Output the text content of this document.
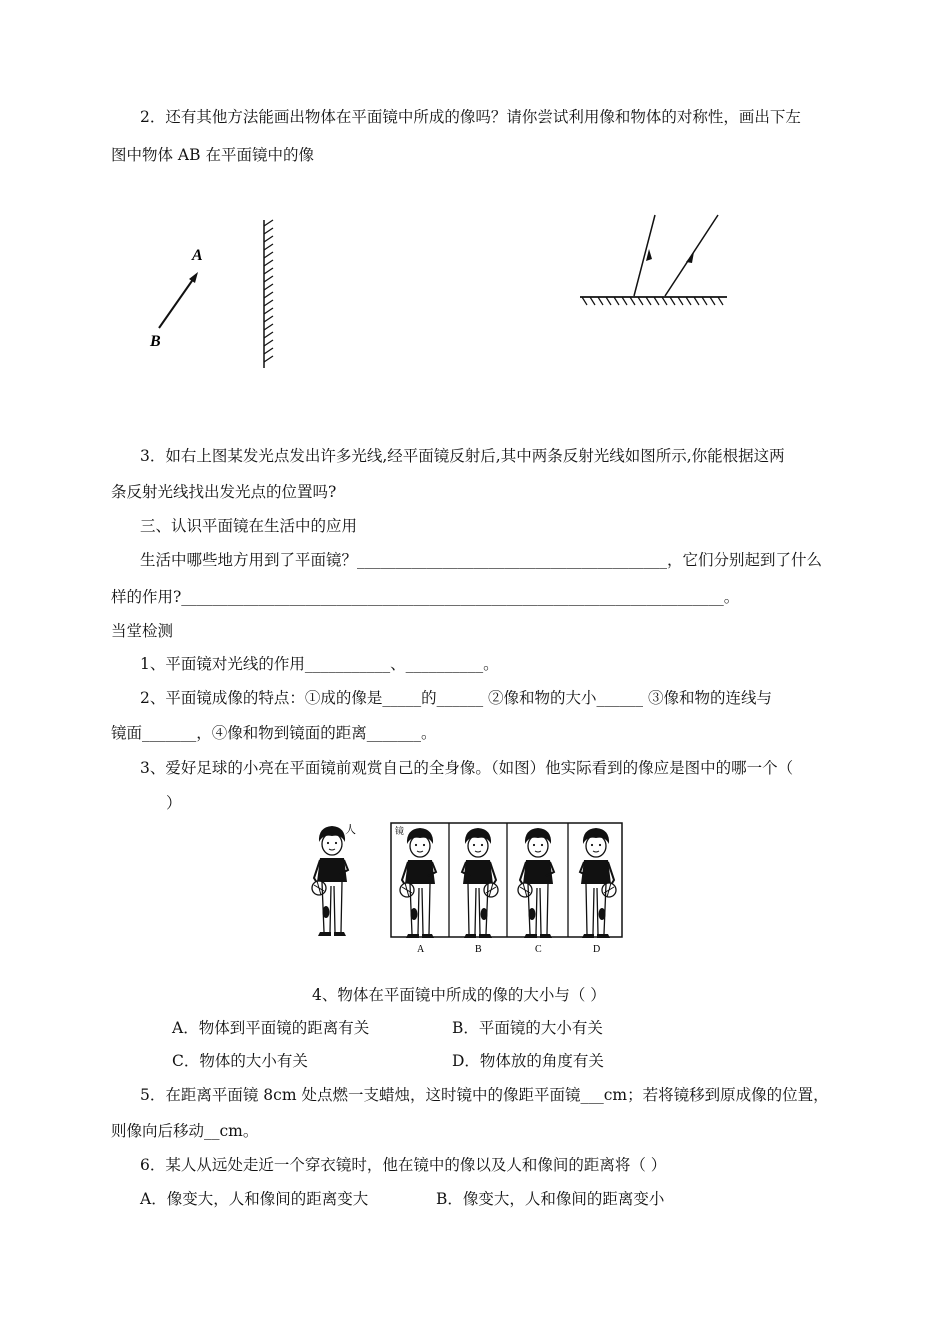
2．还有其他方法能画出物体在平面镜中所成的像吗？请你尝试利用像和物体的对称性，画出下左
图中物体 AB 在平面镜中的像
A
B
3．如右上图某发光点发出许多光线,经平面镜反射后,其中两条反射光线如图所示,你能根据这两
条反射光线找出发光点的位置吗?
三、认识平面镜在生活中的应用
生活中哪些地方用到了平面镜？________________________________________，它们分别起到了什么
样的作用?______________________________________________________________________。
当堂检测
1、平面镜对光线的作用___________、__________。
2、平面镜成像的特点：①成的像是_____的______ ②像和物的大小______ ③像和物的连线与
镜面_______，④像和物到镜面的距离_______。
3、爱好足球的小亮在平面镜前观赏自己的全身像。（如图）他实际看到的像应是图中的哪一个（
）
人	镜
A	B	C	D
4、物体在平面镜中所成的像的大小与（ ）
A．物体到平面镜的距离有关	B．平面镜的大小有关
C．物体的大小有关	D．物体放的角度有关
5．在距离平面镜 8cm 处点燃一支蜡烛，这时镜中的像距平面镜___cm；若将镜移到原成像的位置，
则像向后移动__cm。
6．某人从远处走近一个穿衣镜时，他在镜中的像以及人和像间的距离将（ ）
A．像变大，人和像间的距离变大	B．像变大，人和像间的距离变小
